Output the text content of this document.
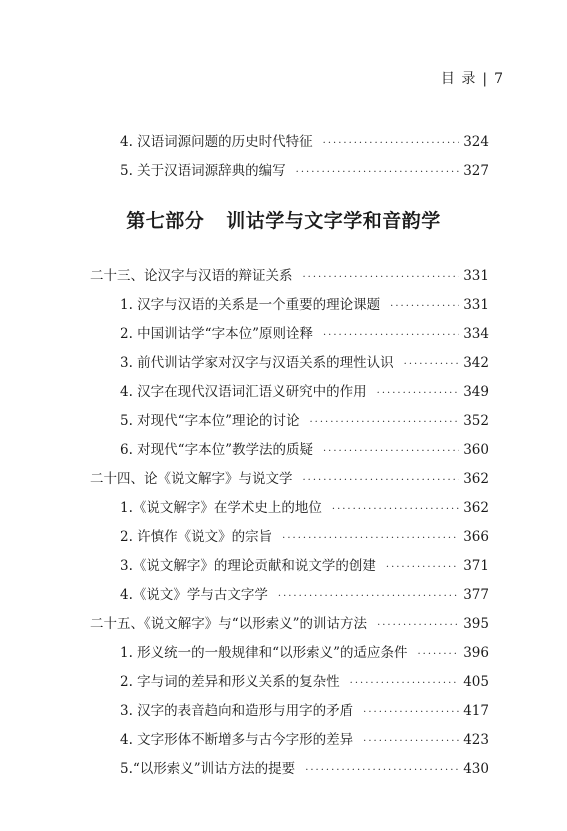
目 录 | 7
4. 汉语词源问题的历史时代特征 ·····	324
5. 关于汉语词源辞典的编写 ·····	327
第七部分 训诂学与文字学和音韵学
二十三、论汉字与汉语的辩证关系 ·····	331
1. 汉字与汉语的关系是一个重要的理论课题 ·····	331
2. 中国训诂学“字本位”原则诠释 ·····	334
3. 前代训诂学家对汉字与汉语关系的理性认识 ·····	342
4. 汉字在现代汉语词汇语义研究中的作用 ·····	349
5. 对现代“字本位”理论的讨论 ·····	352
6. 对现代“字本位”教学法的质疑 ·····	360
二十四、论《说文解字》与说文学 ·····	362
1.《说文解字》在学术史上的地位 ·····	362
2. 许慎作《说文》的宗旨 ·····	366
3.《说文解字》的理论贡献和说文学的创建 ·····	371
4.《说文》学与古文字学 ·····	377
二十五、《说文解字》与“以形索义”的训诂方法 ·····	395
1. 形义统一的一般规律和“以形索义”的适应条件 ·····	396
2. 字与词的差异和形义关系的复杂性 ·····	405
3. 汉字的表音趋向和造形与用字的矛盾 ·····	417
4. 文字形体不断增多与古今字形的差异 ·····	423
5.“以形索义”训诂方法的提要 ·····	430
